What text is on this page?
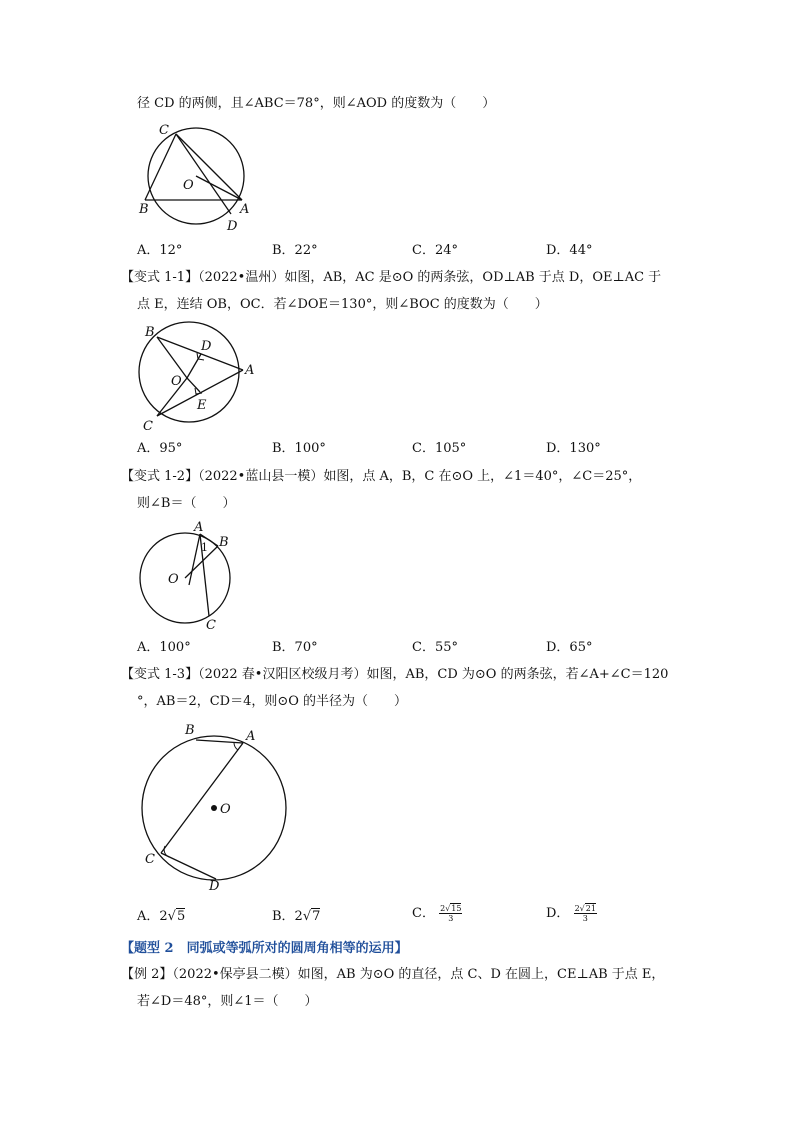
径 CD 的两侧，且∠ABC＝78°，则∠AOD 的度数为（　　）
C
O
B	A
D
A．12°	B．22°	C．24°	D．44°
【变式 1-1】（2022•温州）如图，AB，AC 是⊙O 的两条弦，OD⊥AB 于点 D，OE⊥AC 于
点 E，连结 OB，OC．若∠DOE＝130°，则∠BOC 的度数为（　　）
B
D
A
O
E
C
A．95°	B．100°	C．105°	D．130°
【变式 1-2】（2022•蓝山县一模）如图，点 A，B，C 在⊙O 上，∠1＝40°，∠C＝25°，
则∠B＝（　　）
A
1 B
O
C
A．100°	B．70°	C．55°	D．65°
【变式 1-3】（2022 春•汉阳区校级月考）如图，AB，CD 为⊙O 的两条弦，若∠A+∠C＝120
°，AB＝2，CD＝4，则⊙O 的半径为（　　）
B	A
O
C
D
A．2√5	B．2√7	C． $\frac{2√15}{3}$	D． $\frac{2√21}{3}$
【题型 2　同弧或等弧所对的圆周角相等的运用】
【例 2】（2022•保亭县二模）如图，AB 为⊙O 的直径，点 C、D 在圆上，CE⊥AB 于点 E，
若∠D＝48°，则∠1＝（　　）
